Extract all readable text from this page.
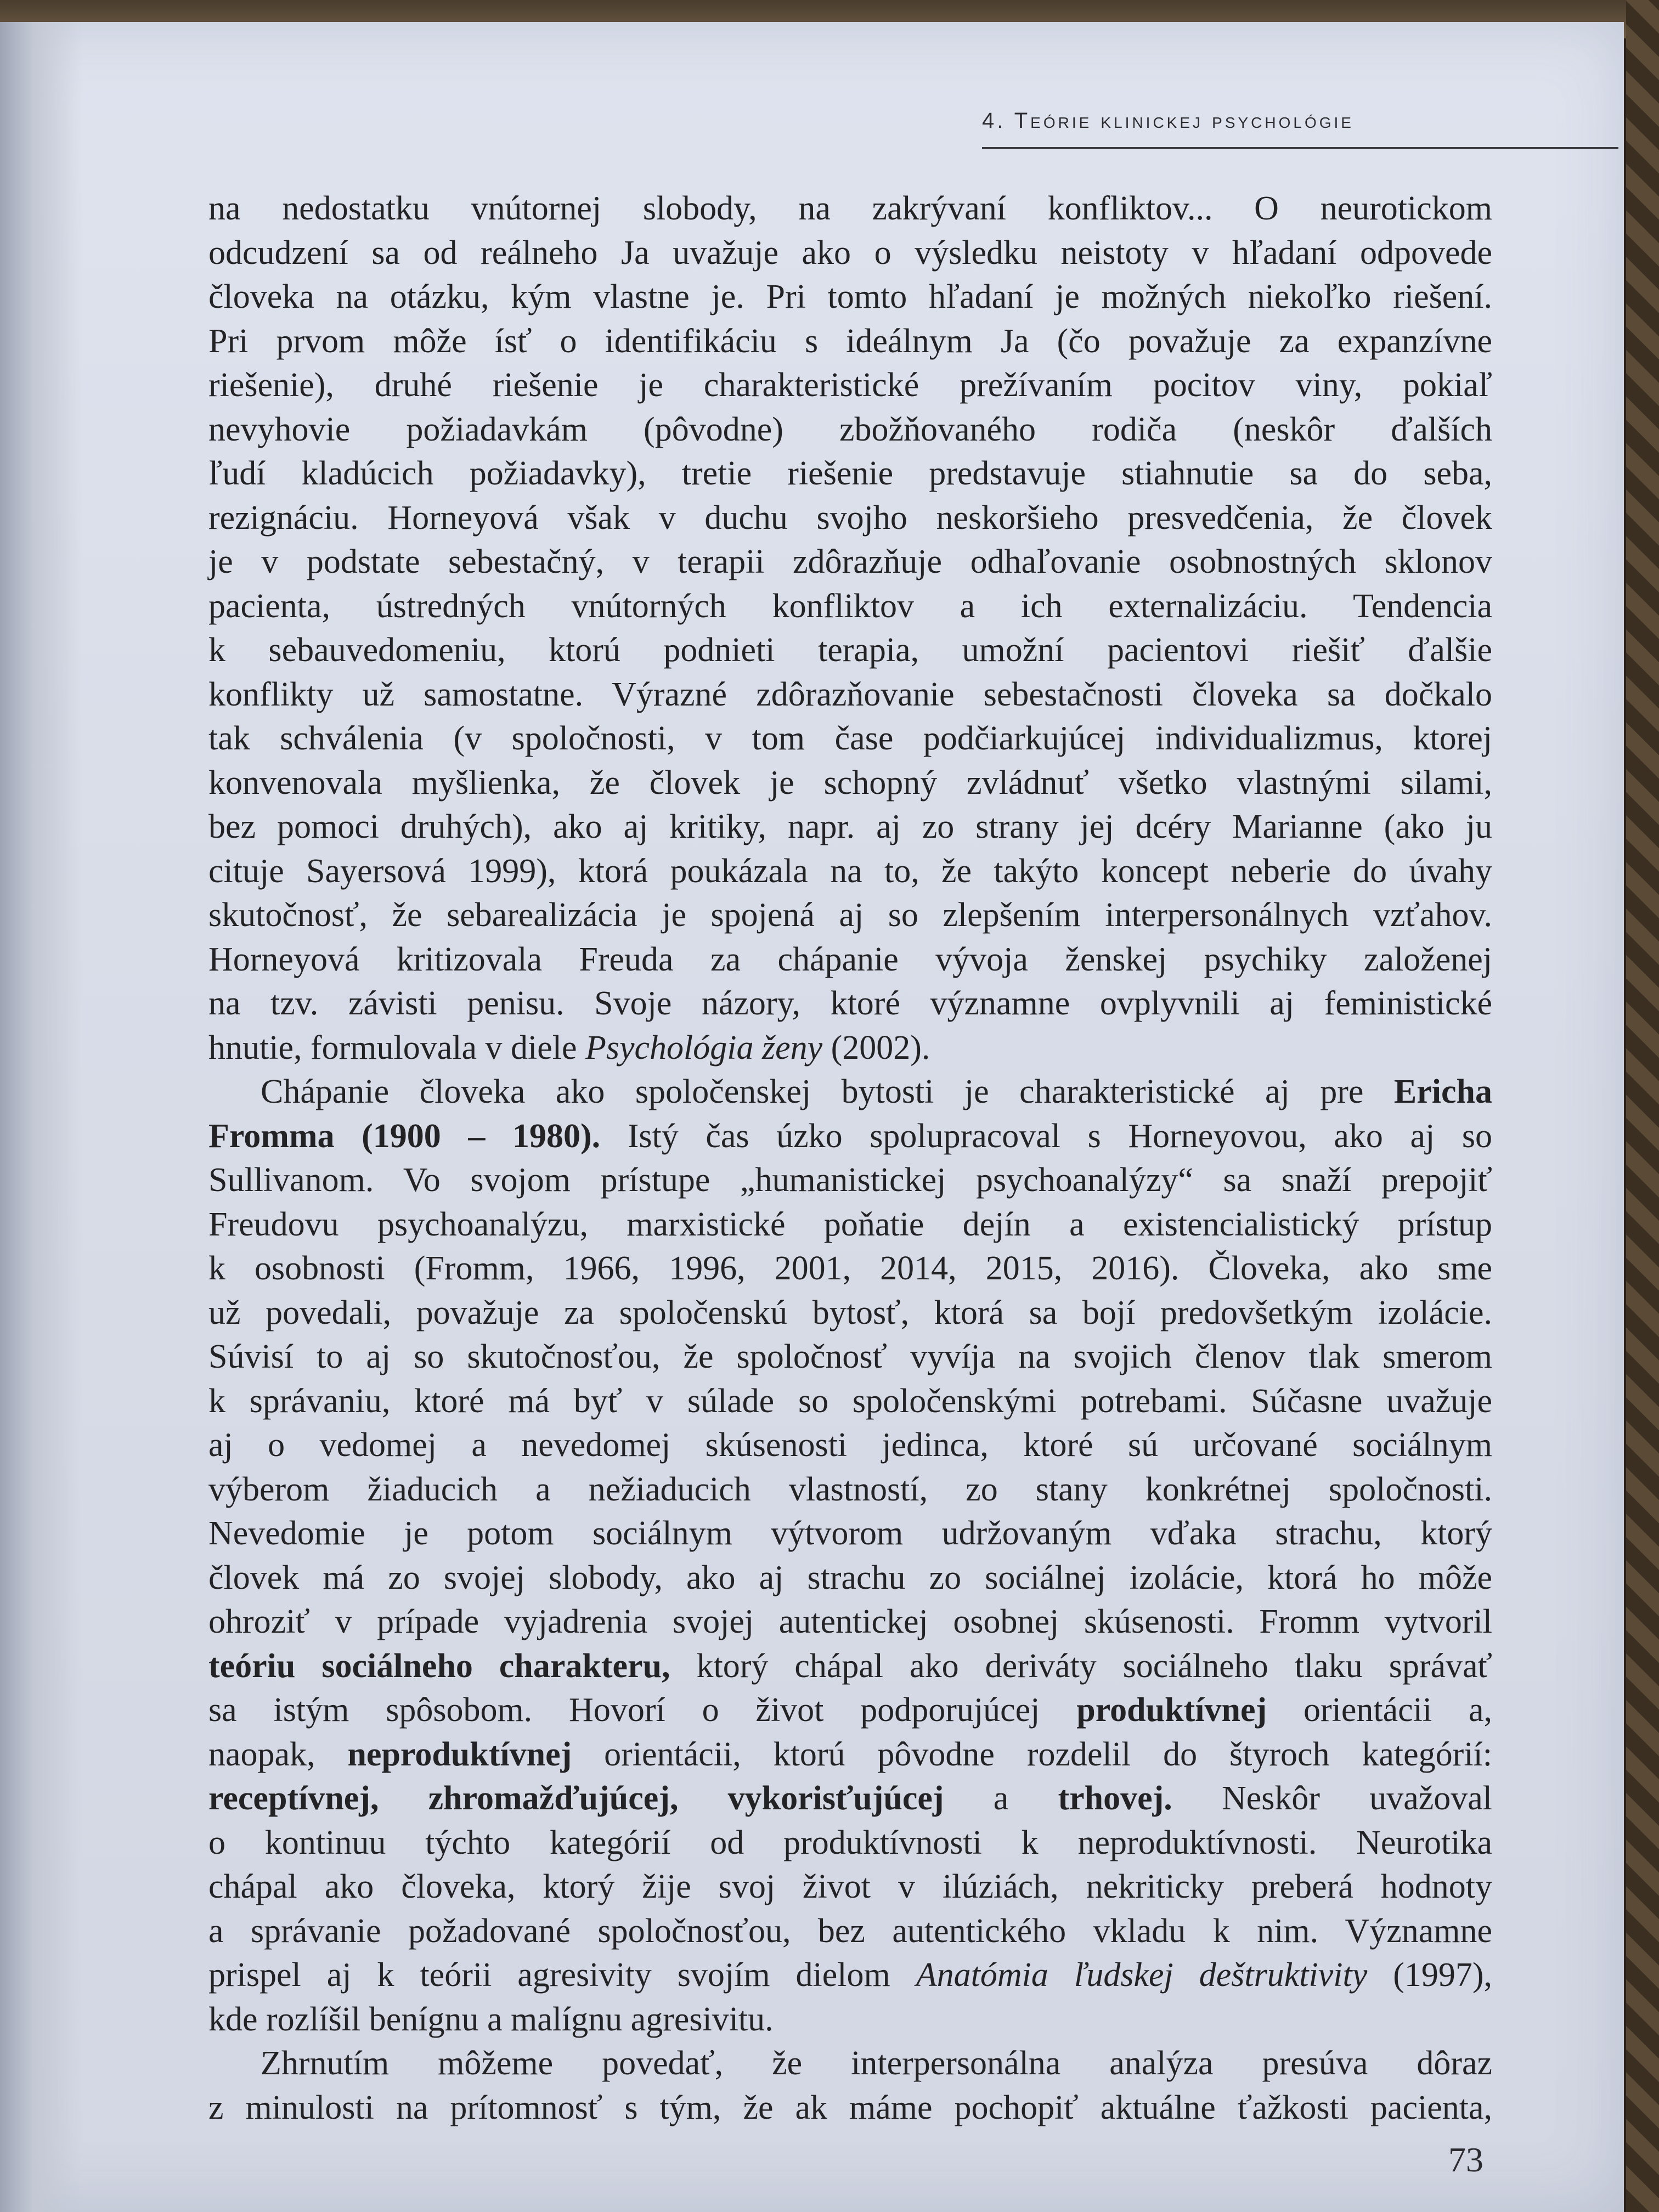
4. Teórie klinickej psychológie
na nedostatku vnútornej slobody, na zakrývaní konfliktov... O neurotickom
odcudzení sa od reálneho Ja uvažuje ako o výsledku neistoty v hľadaní odpovede
človeka na otázku, kým vlastne je. Pri tomto hľadaní je možných niekoľko riešení.
Pri prvom môže ísť o identifikáciu s ideálnym Ja (čo považuje za expanzívne
riešenie), druhé riešenie je charakteristické prežívaním pocitov viny, pokiaľ
nevyhovie požiadavkám (pôvodne) zbožňovaného rodiča (neskôr ďalších
ľudí kladúcich požiadavky), tretie riešenie predstavuje stiahnutie sa do seba,
rezignáciu. Horneyová však v duchu svojho neskoršieho presvedčenia, že človek
je v podstate sebestačný, v terapii zdôrazňuje odhaľovanie osobnostných sklonov
pacienta, ústredných vnútorných konfliktov a ich externalizáciu. Tendencia
k sebauvedomeniu, ktorú podnieti terapia, umožní pacientovi riešiť ďalšie
konflikty už samostatne. Výrazné zdôrazňovanie sebestačnosti človeka sa dočkalo
tak schválenia (v spoločnosti, v tom čase podčiarkujúcej individualizmus, ktorej
konvenovala myšlienka, že človek je schopný zvládnuť všetko vlastnými silami,
bez pomoci druhých), ako aj kritiky, napr. aj zo strany jej dcéry Marianne (ako ju
cituje Sayersová 1999), ktorá poukázala na to, že takýto koncept neberie do úvahy
skutočnosť, že sebarealizácia je spojená aj so zlepšením interpersonálnych vzťahov.
Horneyová kritizovala Freuda za chápanie vývoja ženskej psychiky založenej
na tzv. závisti penisu. Svoje názory, ktoré významne ovplyvnili aj feministické
hnutie, formulovala v diele Psychológia ženy (2002).
Chápanie človeka ako spoločenskej bytosti je charakteristické aj pre Ericha
Fromma (1900 – 1980). Istý čas úzko spolupracoval s Horneyovou, ako aj so
Sullivanom. Vo svojom prístupe „humanistickej psychoanalýzy“ sa snaží prepojiť
Freudovu psychoanalýzu, marxistické poňatie dejín a existencialistický prístup
k osobnosti (Fromm, 1966, 1996, 2001, 2014, 2015, 2016). Človeka, ako sme
už povedali, považuje za spoločenskú bytosť, ktorá sa bojí predovšetkým izolácie.
Súvisí to aj so skutočnosťou, že spoločnosť vyvíja na svojich členov tlak smerom
k správaniu, ktoré má byť v súlade so spoločenskými potrebami. Súčasne uvažuje
aj o vedomej a nevedomej skúsenosti jedinca, ktoré sú určované sociálnym
výberom žiaducich a nežiaducich vlastností, zo stany konkrétnej spoločnosti.
Nevedomie je potom sociálnym výtvorom udržovaným vďaka strachu, ktorý
človek má zo svojej slobody, ako aj strachu zo sociálnej izolácie, ktorá ho môže
ohroziť v prípade vyjadrenia svojej autentickej osobnej skúsenosti. Fromm vytvoril
teóriu sociálneho charakteru, ktorý chápal ako deriváty sociálneho tlaku správať
sa istým spôsobom. Hovorí o život podporujúcej produktívnej orientácii a,
naopak, neproduktívnej orientácii, ktorú pôvodne rozdelil do štyroch kategórií:
receptívnej, zhromažďujúcej, vykorisťujúcej a trhovej. Neskôr uvažoval
o kontinuu týchto kategórií od produktívnosti k neproduktívnosti. Neurotika
chápal ako človeka, ktorý žije svoj život v ilúziách, nekriticky preberá hodnoty
a správanie požadované spoločnosťou, bez autentického vkladu k nim. Významne
prispel aj k teórii agresivity svojím dielom Anatómia ľudskej deštruktivity (1997),
kde rozlíšil benígnu a malígnu agresivitu.
Zhrnutím môžeme povedať, že interpersonálna analýza presúva dôraz
z minulosti na prítomnosť s tým, že ak máme pochopiť aktuálne ťažkosti pacienta,
73
